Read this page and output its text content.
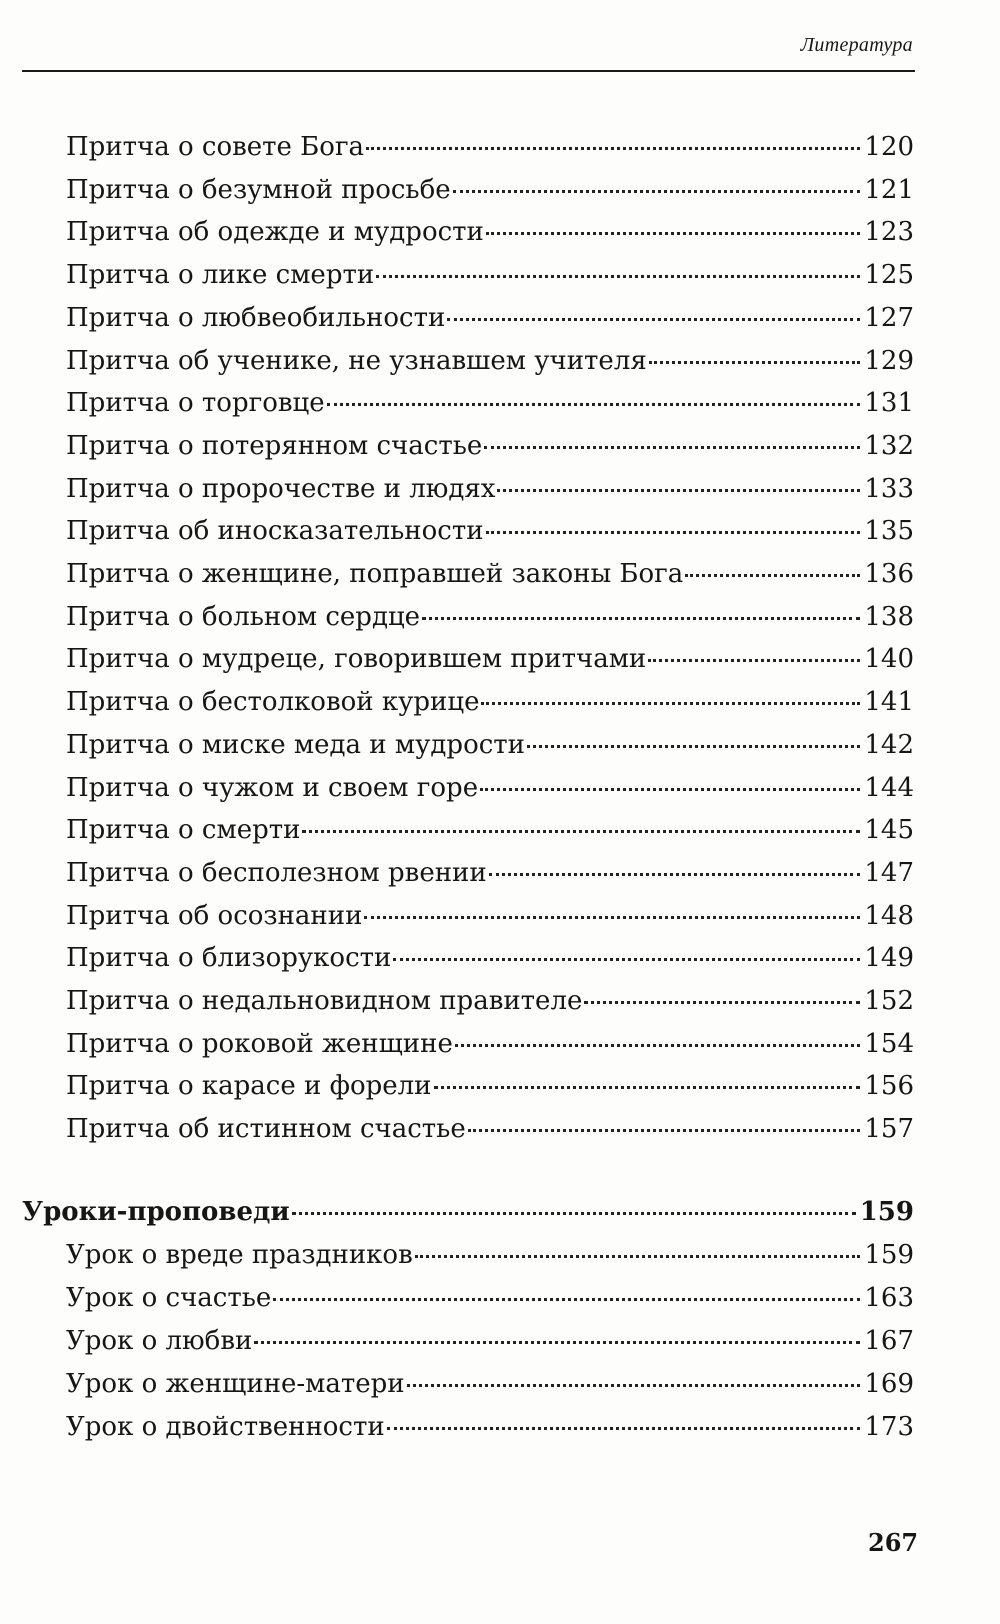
Литература
Притча о совете Бога	120
Притча о безумной просьбе	121
Притча об одежде и мудрости	123
Притча о лике смерти	125
Притча о любвеобильности	127
Притча об ученике, не узнавшем учителя	129
Притча о торговце	131
Притча о потерянном счастье	132
Притча о пророчестве и людях	133
Притча об иносказательности	135
Притча о женщине, поправшей законы Бога	136
Притча о больном сердце	138
Притча о мудреце, говорившем притчами	140
Притча о бестолковой курице	141
Притча о миске меда и мудрости	142
Притча о чужом и своем горе	144
Притча о смерти	145
Притча о бесполезном рвении	147
Притча об осознании	148
Притча о близорукости	149
Притча о недальновидном правителе	152
Притча о роковой женщине	154
Притча о карасе и форели	156
Притча об истинном счастье	157
Уроки-проповеди	159
Урок о вреде праздников	159
Урок о счастье	163
Урок о любви	167
Урок о женщине-матери	169
Урок о двойственности	173
267
